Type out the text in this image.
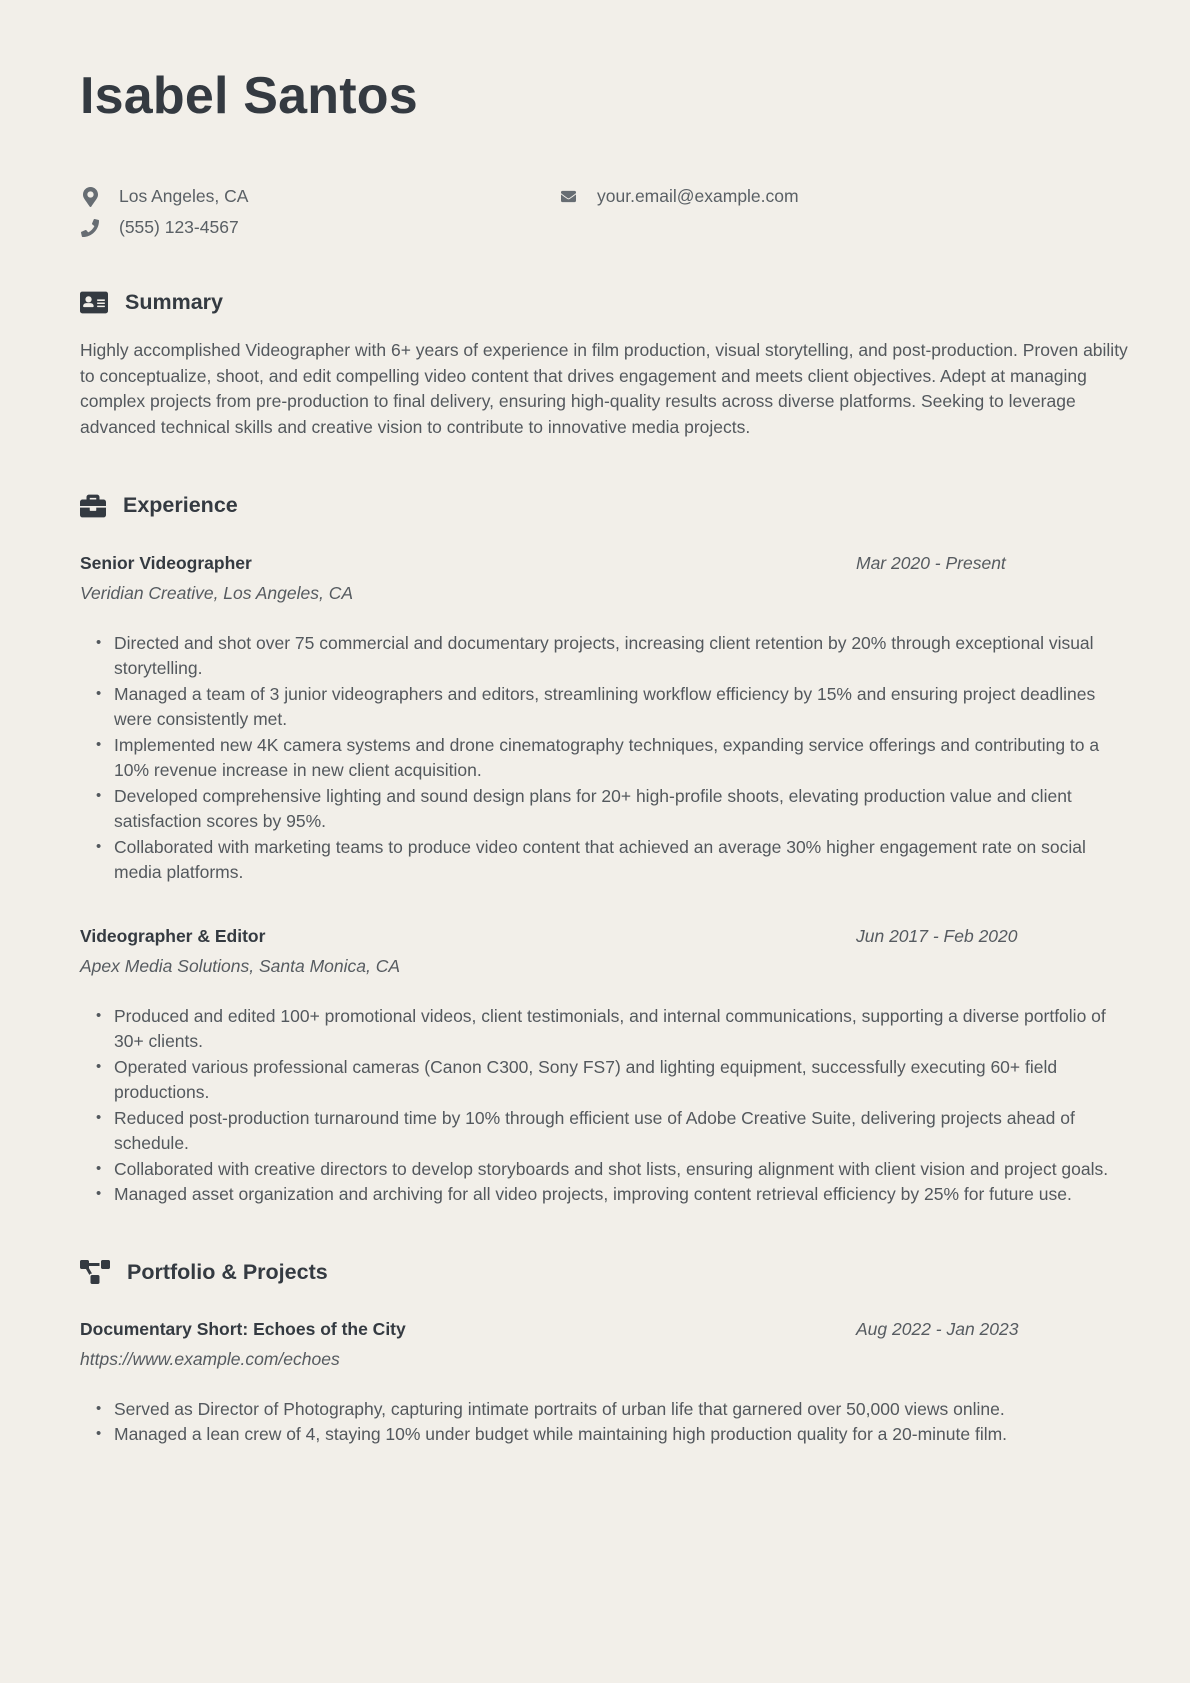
Isabel Santos
Los Angeles, CA
(555) 123-4567
your.email@example.com
Summary

Highly accomplished Videographer with 6+ years of experience in film production, visual storytelling, and post-production. Proven ability to conceptualize, shoot, and edit compelling video content that drives engagement and meets client objectives. Adept at managing complex projects from pre-production to final delivery, ensuring high-quality results across diverse platforms. Seeking to leverage advanced technical skills and creative vision to contribute to innovative media projects.

Experience
Senior Videographer	Mar 2020 - Present
Veridian Creative, Los Angeles, CA
• Directed and shot over 75 commercial and documentary projects, increasing client retention by 20% through exceptional visual storytelling.
• Managed a team of 3 junior videographers and editors, streamlining workflow efficiency by 15% and ensuring project deadlines were consistently met.
• Implemented new 4K camera systems and drone cinematography techniques, expanding service offerings and contributing to a 10% revenue increase in new client acquisition.
• Developed comprehensive lighting and sound design plans for 20+ high-profile shoots, elevating production value and client satisfaction scores by 95%.
• Collaborated with marketing teams to produce video content that achieved an average 30% higher engagement rate on social media platforms.
Videographer & Editor	Jun 2017 - Feb 2020
Apex Media Solutions, Santa Monica, CA
• Produced and edited 100+ promotional videos, client testimonials, and internal communications, supporting a diverse portfolio of 30+ clients.
• Operated various professional cameras (Canon C300, Sony FS7) and lighting equipment, successfully executing 60+ field productions.
• Reduced post-production turnaround time by 10% through efficient use of Adobe Creative Suite, delivering projects ahead of schedule.
• Collaborated with creative directors to develop storyboards and shot lists, ensuring alignment with client vision and project goals.
• Managed asset organization and archiving for all video projects, improving content retrieval efficiency by 25% for future use.
Portfolio & Projects
Documentary Short: Echoes of the City	Aug 2022 - Jan 2023
https://www.example.com/echoes
• Served as Director of Photography, capturing intimate portraits of urban life that garnered over 50,000 views online.
• Managed a lean crew of 4, staying 10% under budget while maintaining high production quality for a 20-minute film.
